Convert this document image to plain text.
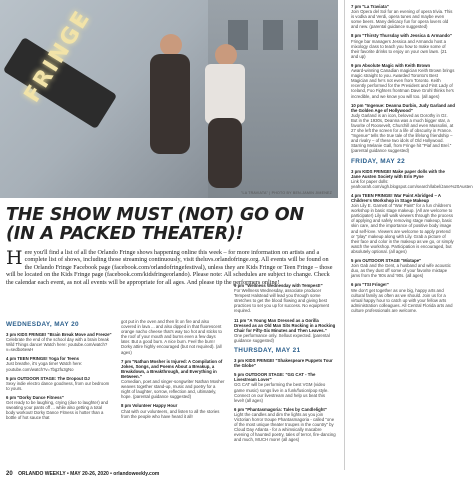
FRINGE
"LA TRAVIATA" | PHOTO BY BEN-JAMIN JIMENEZ
THE SHOW MUST (NOT) GO ON (IN A PACKED THEATER)!
Here you'll find a list of all the Orlando Fringe shows happening online this week – for more information on artists and a complete list of shows, including those streaming continuously, visit theluvs.orlandofringe.org. All events will be found on the Orlando Fringe Facebook page (facebook.com/orlandofringefestival), unless they are Kids Fringe or Teen Fringe – those will be located on the Kids Fringe page (facebook.com/kidsfringeorlando). Please note: All schedules are subject to change. Check the calendar each event, as not all events will be appropriate for all ages. And please tip the performers online!
WEDNESDAY, MAY 20
3 pm KIDS FRINGE! "Brain Break Move and Freeze"
Celebrate the end of the school day with a brain break Wild Things dance! Watch here: youtube.com/watch?v=sedbo6ewH
4 pm TEEN FRINGE! Yoga for Teens
Just breathe, it's yoga time! Watch here: youtube.com/watch?v=7bg2fu3gNo
5 pm OUTDOOR STAGE: The Dropout DJ
Sexy indie electro dance goodness, from our bedroom to yours.
6 pm "Dorky Dance Fitness"
Get ready to be laughing, crying (due to laughter) and sweating your pants off ... while also getting a total body workout! Dorky Dance Fitness is hotter than a bottle of hot sauce that
got put in the oven and then lit on fire and also covered in lava ... and also dipped in that fluorescent orange nacho cheese that's way too hot and sticks to the roof of your mouth and burns even a few days later. But a good burn. A nice burn. Feel the burn! Dorky attire highly encouraged (but not required). (all ages)
7 pm "Nathan Mosher is Injured: A Compilation of Jokes, Songs, and Poems About a Breakup, a Breakdown, a Breakthrough, and Everything in Between."
Comedian, poet and singer-songwriter Nathan Mosher weaves together stand-up, music and poetry for a night of laughter, sorrow, reflection and, ultimately, hope. (parental guidance suggested)
8 pm Volunteer Happy Hour
Chat with our volunteers, and listen to all the stories from the people who have heard it all!
9 pm "Wellness Wednesday with Tempest!"
For Wellness Wednesday, associate producer Tempest Halstead will lead you through some stretches to get the blood flowing and giving best practices to set you up for success. No equipment required.
11 pm "A Young Man Dressed as a Gorilla Dressed as an Old Man Sits Rocking in a Rocking Chair for Fifty-Six Minutes and Then Leaves."
One performance only. Sellout expected. (parental guidance suggested)
THURSDAY, MAY 21
3 pm KIDS FRINGE! "Shakespeare Puppets Tour the Globe"
5 pm OUTDOOR STAGE: "GG CAT - The Livestream Lover"
GG CAT will be performing the best VGM (video game music) songs live in a funk/fusion/pop style. Connect on our livestream and help us beat this level! (all ages)
6 pm "Phantasmagoria: Tales by Candlelight"
Light the candles and dim the lights as you join Victorian horror troupe Phantasmagoria - called "one of the most unique theater troupes in the country" by Cloud Day Atlanta - for a whimsically macabre evening of haunted poetry, tales of terror, fire-dancing and much, MUCH more! (all ages)
7 pm "La Traviata"
Join Opera del Sol for an evening of opera trivia. This is vodka and Verdi, opera tunes and maybe even some beers. Many delicacy fun for opera lovers old and new. (parental guidance suggested)
8 pm "Thirsty Thursday with Jessica & Armando"
Fringe bar managers Jessica and Armando host a mixology class to teach you how to make some of their favorite drinks to enjoy on your own lawn. (21 and up)
9 pm Absolute Magic with Keith Brown
Award-winning Canadian magician Keith Brown brings magic straight to you. Awarded Toronto's Best Magician and he's not even from Toronto. Keith recently performed for the President and First Lady of Iceland, Foo Fighters frontman Dave Grohl thinks he's incredible, and we know you will too. (all ages)
10 pm "Ingenue: Deanna Durbin, Judy Garland and the Golden Age of Hollywood"
Judy Garland is an icon, beloved as Dorothy in Oz. But in the 1930s, Deanna was a much bigger star, a favorite of Roosevelt, Churchill and even Mussolini, at 27 she left the screen for a life of obscurity in France. "Ingenue" tells the true tale of the lifelong friendship – and rivalry – of these two idols of Old Hollywood. Starring Melanie Gall, from Fringe hit "Piaf and Brel." (parental guidance suggested)
FRIDAY, MAY 22
3 pm KIDS FRINGE! Make paper dolls with the Jane Austen Society with Erin Pyne
Link for paper dolls: yeahoorah.com/ugh.blogspot.com/search/label/Jane%20Austen
4 pm TEEN FRINGE! War Paint Abridged – A Children's Workshop in Stage Makeup
Join Lily E. Garnett of "War Paint" for a fun children's workshop in basic stage makeup. (All are welcome to participate!) Lily will walk viewers through the process of applying and safely removing stage makeup, basic skin care, and the importance of positive body image and self-love. Viewers are welcome to apply pretend or "play" makeup along with Lily. Grab a picture of their face and color in the makeup as we go, or simply watch the workshop. Participation is encouraged, but absolutely optional. (all ages)
5 pm OUTDOOR STAGE "Mixtape"
Join Gab and the Gent, a husband and wife acoustic duo, as they dust off some of your favorite mixtape jams from the '80s and '90s. (all ages)
6 pm "TSI Fringe!"
We don't get together as one big, happy arts and cultural family as often as we should. Join us for a virtual happy hour to catch up with your fellow arts administration colleagues. All Central Florida arts and culture professionals are welcome.
20 ORLANDO WEEKLY • MAY 20-26, 2020 • orlandoweekly.com
